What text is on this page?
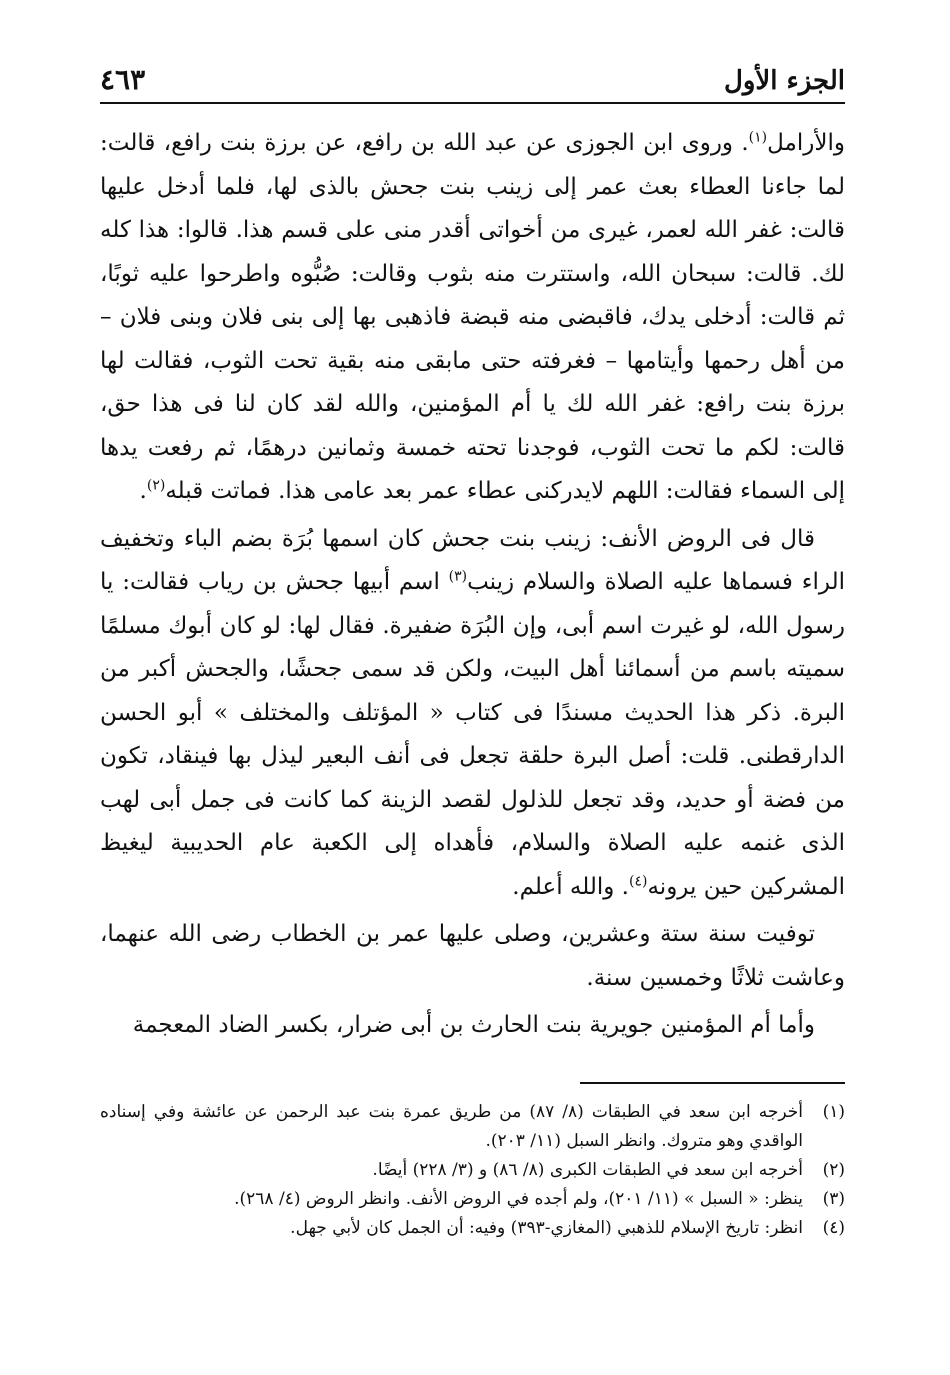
الجزء الأول
٤٦٣

والأرامل$^{(١)}$. وروى ابن الجوزى عن عبد الله بن رافع، عن برزة بنت رافع، قالت: لما جاءنا العطاء بعث عمر إلى زينب بنت جحش بالذى لها، فلما أدخل عليها قالت: غفر الله لعمر، غيرى من أخواتى أقدر منى على قسم هذا. قالوا: هذا كله لك. قالت: سبحان الله، واستترت منه بثوب وقالت: صُبُّوه واطرحوا عليه ثوبًا، ثم قالت: أدخلى يدك، فاقبضى منه قبضة فاذهبى بها إلى بنى فلان وبنى فلان – من أهل رحمها وأيتامها – فغرفته حتى مابقى منه بقية تحت الثوب، فقالت لها برزة بنت رافع: غفر الله لك يا أم المؤمنين، والله لقد كان لنا فى هذا حق، قالت: لكم ما تحت الثوب، فوجدنا تحته خمسة وثمانين درهمًا، ثم رفعت يدها إلى السماء فقالت: اللهم لايدركنى عطاء عمر بعد عامى هذا. فماتت قبله$^{(٢)}$.

قال فى الروض الأنف: زينب بنت جحش كان اسمها بُرَة بضم الباء وتخفيف الراء فسماها عليه الصلاة والسلام زينب$^{(٣)}$ اسم أبيها جحش بن رياب فقالت: يا رسول الله، لو غيرت اسم أبى، وإن البُرَة ضفيرة. فقال لها: لو كان أبوك مسلمًا سميته باسم من أسمائنا أهل البيت، ولكن قد سمى جحشًا، والجحش أكبر من البرة. ذكر هذا الحديث مسندًا فى كتاب « المؤتلف والمختلف » أبو الحسن الدارقطنى. قلت: أصل البرة حلقة تجعل فى أنف البعير ليذل بها فينقاد، تكون من فضة أو حديد، وقد تجعل للذلول لقصد الزينة كما كانت فى جمل أبى لهب الذى غنمه عليه الصلاة والسلام، فأهداه إلى الكعبة عام الحديبية ليغيظ المشركين حين يرونه$^{(٤)}$. والله أعلم.

توفيت سنة ستة وعشرين، وصلى عليها عمر بن الخطاب رضى الله عنهما، وعاشت ثلاثًا وخمسين سنة.

وأما أم المؤمنين جويرية بنت الحارث بن أبى ضرار، بكسر الضاد المعجمة

(١)
أخرجه ابن سعد في الطبقات (٨/ ٨٧) من طريق عمرة بنت عبد الرحمن عن عائشة وفي إسناده الواقدي وهو متروك. وانظر السبل (١١/ ٢٠٣).
(٢)
أخرجه ابن سعد في الطبقات الكبرى (٨/ ٨٦) و (٣/ ٢٢٨) أيضًا.
(٣)
ينظر: « السبل » (١١/ ٢٠١)، ولم أجده في الروض الأنف. وانظر الروض (٤/ ٢٦٨).
(٤)
انظر: تاريخ الإسلام للذهبي (المغازي-٣٩٣) وفيه: أن الجمل كان لأبي جهل.
